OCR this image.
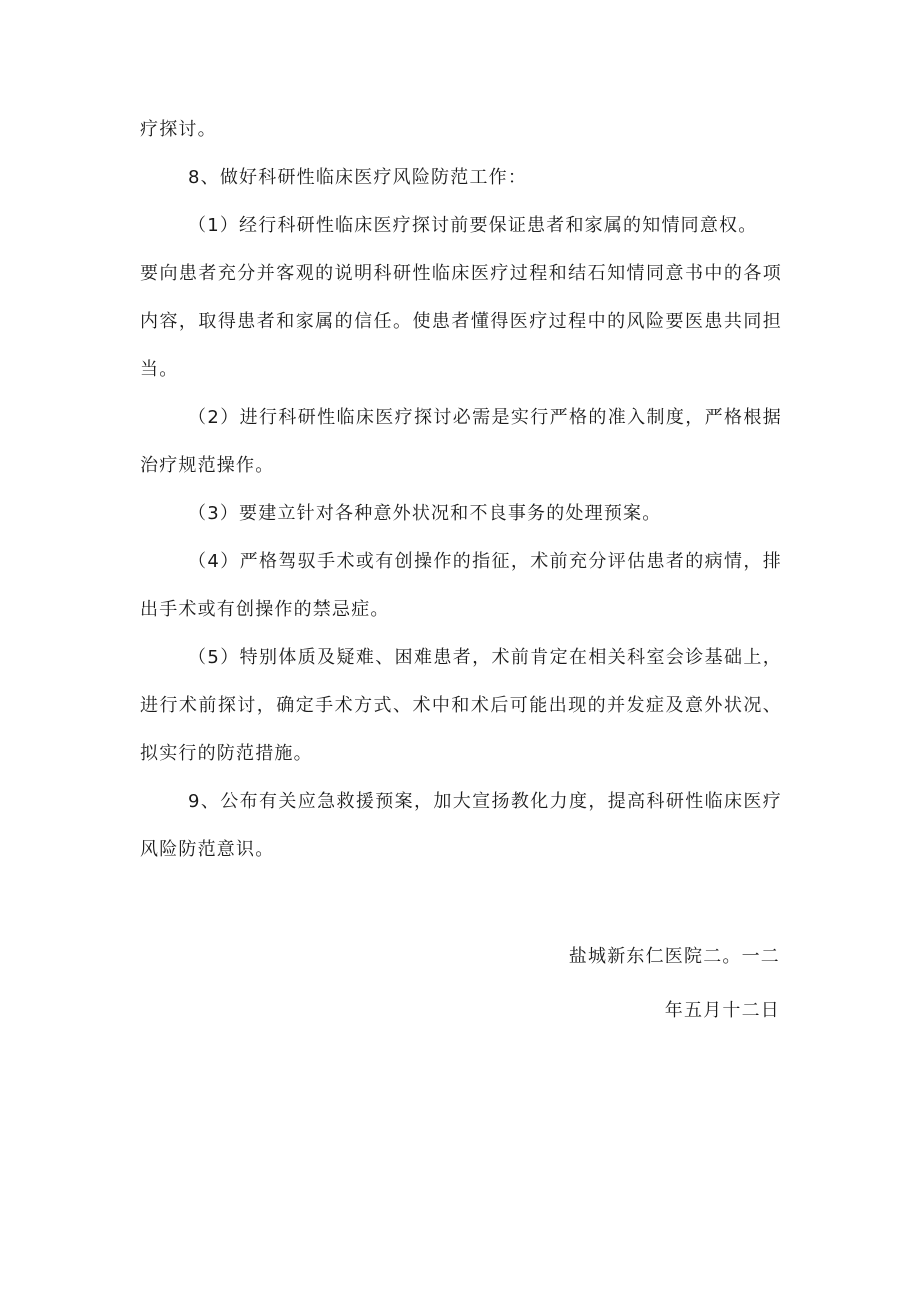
疗探讨。

8、做好科研性临床医疗风险防范工作：

（1）经行科研性临床医疗探讨前要保证患者和家属的知情同意权。

要向患者充分并客观的说明科研性临床医疗过程和结石知情同意书中的各项内容，取得患者和家属的信任。使患者懂得医疗过程中的风险要医患共同担当。

（2）进行科研性临床医疗探讨必需是实行严格的准入制度，严格根据治疗规范操作。

（3）要建立针对各种意外状况和不良事务的处理预案。

（4）严格驾驭手术或有创操作的指征，术前充分评估患者的病情，排出手术或有创操作的禁忌症。

（5）特别体质及疑难、困难患者，术前肯定在相关科室会诊基础上，进行术前探讨，确定手术方式、术中和术后可能出现的并发症及意外状况、拟实行的防范措施。

9、公布有关应急救援预案，加大宣扬教化力度，提高科研性临床医疗风险防范意识。

盐城新东仁医院二。一二
年五月十二日
